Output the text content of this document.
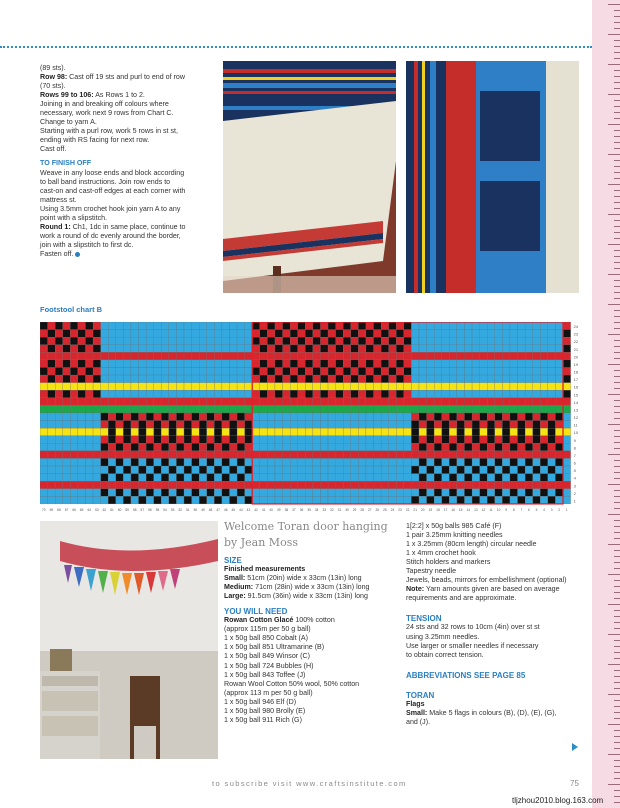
(89 sts).

Row 98: Cast off 19 sts and purl to end of row

(70 sts).

Rows 99 to 106: As Rows 1 to 2.

Joining in and breaking off colours where

necessary, work next 9 rows from Chart C.

Change to yarn A.

Starting with a purl row, work 5 rows in st st,

ending with RS facing for next row.

Cast off.

TO FINISH OFF

Weave in any loose ends and block according

to ball band instructions. Join row ends to

cast-on and cast-off edges at each corner with

mattress st.

Using 3.5mm crochet hook join yarn A to any

point with a slipstitch.

Round 1: Ch1, 1dc in same place, continue to

work a round of dc evenly around the border,

join with a slipstitch to first dc.

Fasten off.

Footstool chart B
24
23
22
21
20
19
18
17
16
15
14
13
12
11
10
9
8
7
6
5
4
3
2
1
70 69 68 67 66 65 64 63 62 61 60 59 58 57 56 55 54 53 52 51 50 49 48 47 46 45 44 43 42 41 40 39 38 37 36 35 34 33 32 31 30 29 28 27 26 25 24 23 22 21 20 19 18 17 16 15 14 13 12 11 10 9 8 7 6 5 4 3 2 1
Welcome Toran door hanging
by Jean Moss

SIZE

Finished measurements

Small: 51cm (20in) wide x 33cm (13in) long

Medium: 71cm (28in) wide x 33cm (13in) long

Large: 91.5cm (36in) wide x 33cm (13in) long

YOU WILL NEED

Rowan Cotton Glacé 100% cotton

(approx 115m per 50 g ball)

1 x 50g ball 850 Cobalt (A)

1 x 50g ball 851 Ultramarine (B)

1 x 50g ball 849 Winsor (C)

1 x 50g ball 724 Bubbles (H)

1 x 50g ball 843 Toffee (J)

Rowan Wool Cotton 50% wool, 50% cotton

(approx 113 m per 50 g ball)

1 x 50g ball 946 Elf (D)

1 x 50g ball 980 Brolly (E)

1 x 50g ball 911 Rich (G)

1[2:2] x 50g balls 985 Café (F)

1 pair 3.25mm knitting needles

1 x 3.25mm (80cm length) circular needle

1 x 4mm crochet hook

Stitch holders and markers

Tapestry needle

Jewels, beads, mirrors for embellishment (optional)

Note: Yarn amounts given are based on average

requirements and are approximate.

TENSION

24 sts and 32 rows to 10cm (4in) over st st

using 3.25mm needles.

Use larger or smaller needles if necessary

to obtain correct tension.

ABBREVIATIONS SEE PAGE 85

TORAN

Flags

Small: Make 5 flags in colours (B), (D), (E), (G),

and (J).

to subscribe visit www.craftsinstitute.com	75
tljzhou2010.blog.163.com
